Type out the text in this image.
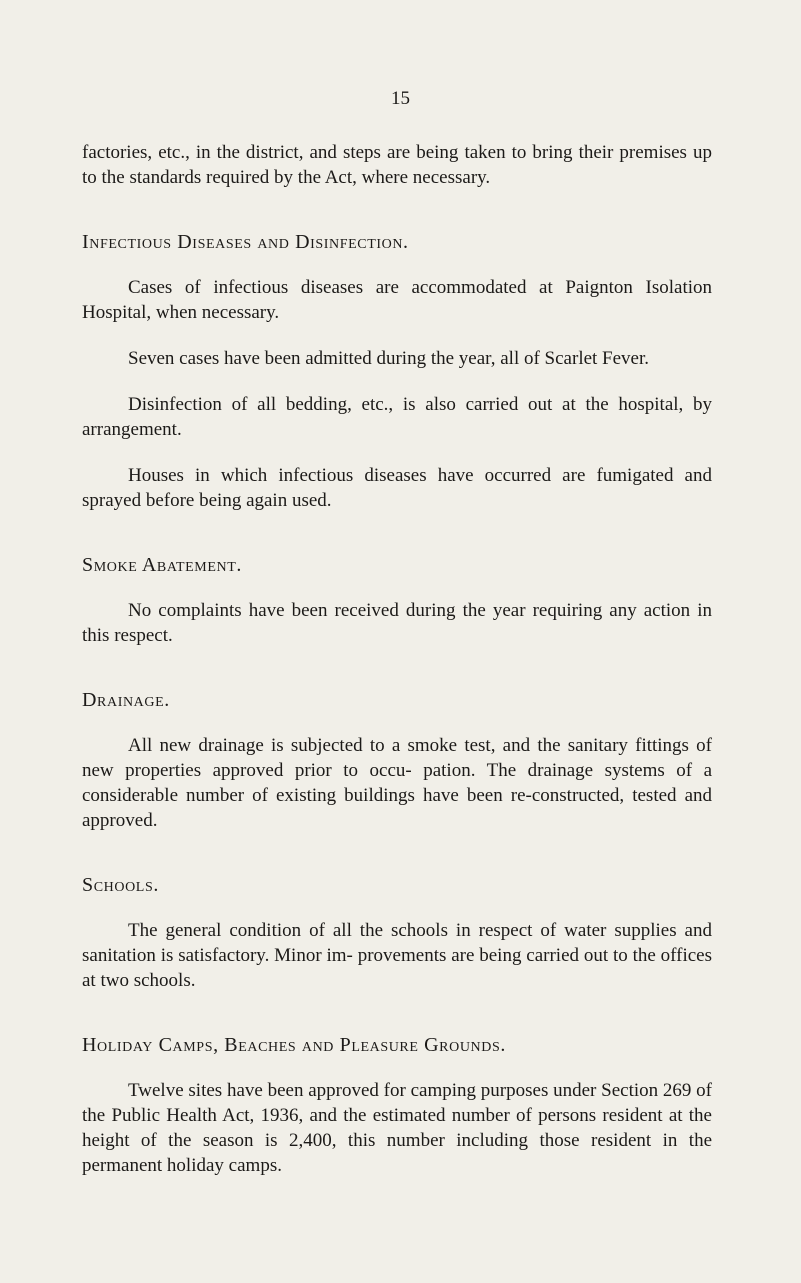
15

factories, etc., in the district, and steps are being taken to bring their premises up to the standards required by the Act, where necessary.

Infectious Diseases and Disinfection.

Cases of infectious diseases are accommodated at Paignton Isolation Hospital, when necessary.

Seven cases have been admitted during the year, all of Scarlet Fever.

Disinfection of all bedding, etc., is also carried out at the hospital, by arrangement.

Houses in which infectious diseases have occurred are fumigated and sprayed before being again used.

Smoke Abatement.

No complaints have been received during the year requiring any action in this respect.

Drainage.

All new drainage is subjected to a smoke test, and the sanitary fittings of new properties approved prior to occu- pation. The drainage systems of a considerable number of existing buildings have been re-constructed, tested and approved.

Schools.

The general condition of all the schools in respect of water supplies and sanitation is satisfactory. Minor im- provements are being carried out to the offices at two schools.

Holiday Camps, Beaches and Pleasure Grounds.

Twelve sites have been approved for camping purposes under Section 269 of the Public Health Act, 1936, and the estimated number of persons resident at the height of the season is 2,400, this number including those resident in the permanent holiday camps.
